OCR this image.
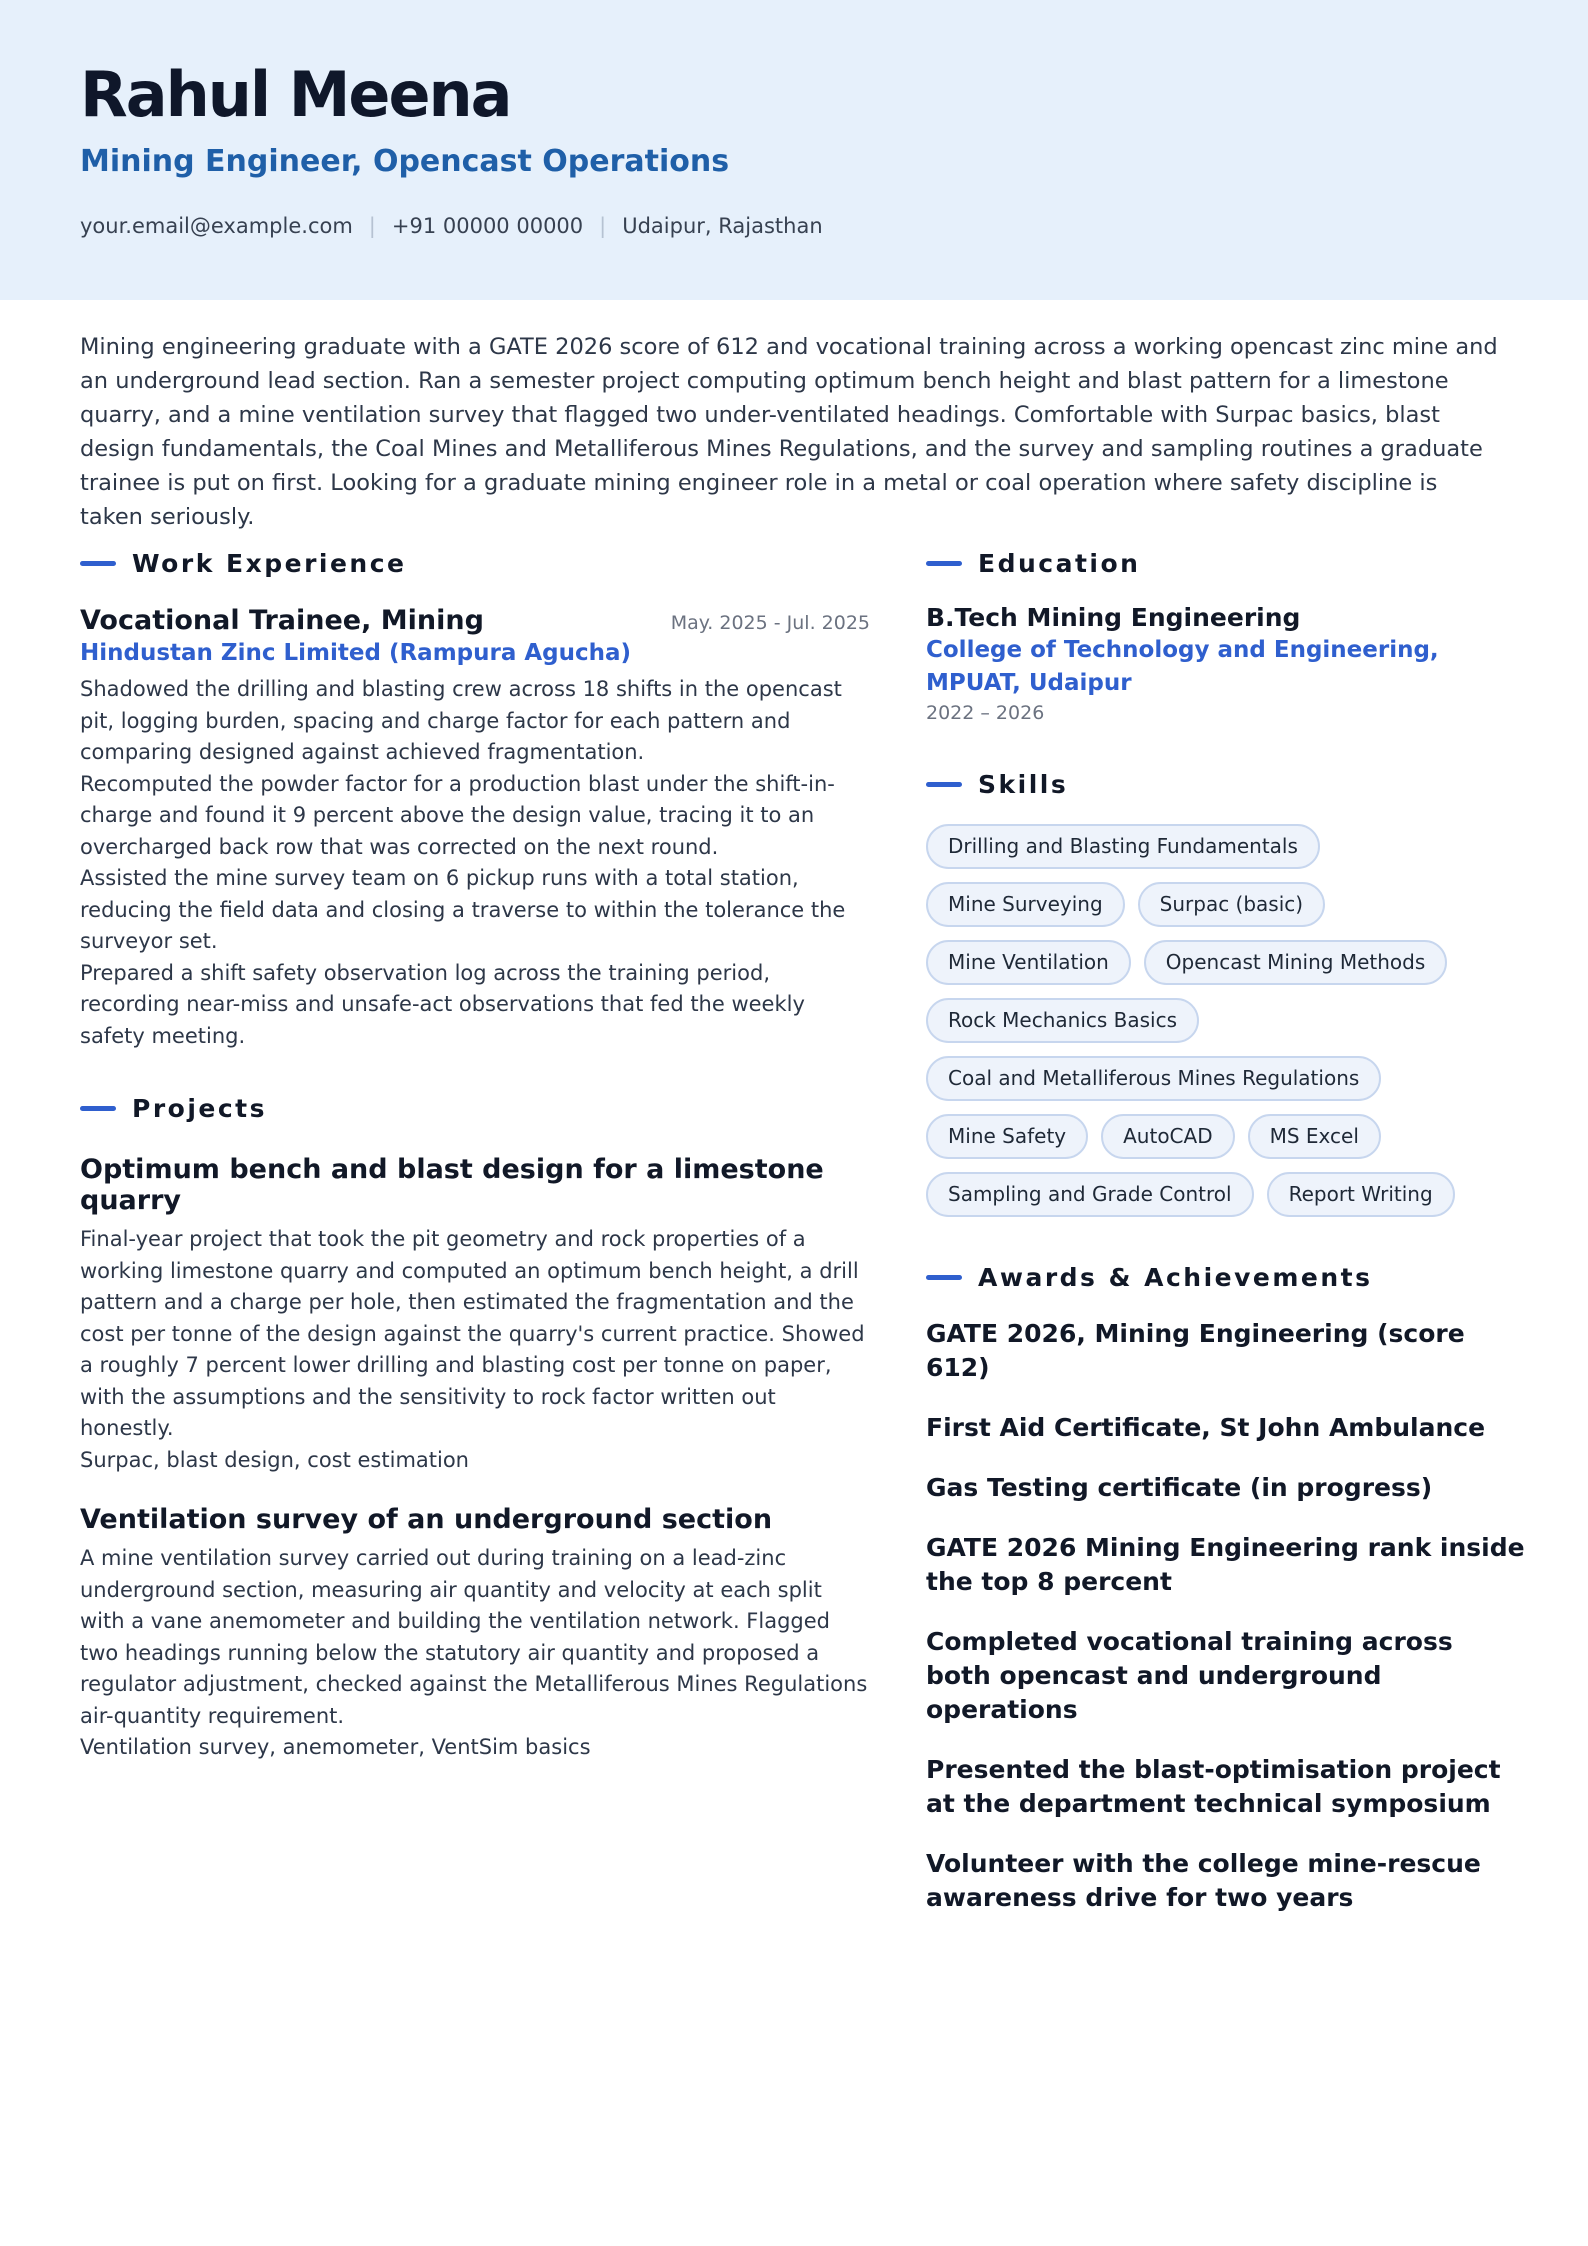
Rahul Meena
Mining Engineer, Opencast Operations
your.email@example.com | +91 00000 00000 | Udaipur, Rajasthan
Mining engineering graduate with a GATE 2026 score of 612 and vocational training across a working opencast zinc mine and an underground lead section. Ran a semester project computing optimum bench height and blast pattern for a limestone quarry, and a mine ventilation survey that flagged two under-ventilated headings. Comfortable with Surpac basics, blast design fundamentals, the Coal Mines and Metalliferous Mines Regulations, and the survey and sampling routines a graduate trainee is put on first. Looking for a graduate mining engineer role in a metal or coal operation where safety discipline is taken seriously.
Work Experience
Vocational Trainee, Mining	May. 2025 - Jul. 2025
Hindustan Zinc Limited (Rampura Agucha)
Shadowed the drilling and blasting crew across 18 shifts in the opencast pit, logging burden, spacing and charge factor for each pattern and comparing designed against achieved fragmentation.
Recomputed the powder factor for a production blast under the shift-in-charge and found it 9 percent above the design value, tracing it to an overcharged back row that was corrected on the next round.
Assisted the mine survey team on 6 pickup runs with a total station, reducing the field data and closing a traverse to within the tolerance the surveyor set.
Prepared a shift safety observation log across the training period, recording near-miss and unsafe-act observations that fed the weekly safety meeting.
Projects
Optimum bench and blast design for a limestone quarry
Final-year project that took the pit geometry and rock properties of a working limestone quarry and computed an optimum bench height, a drill pattern and a charge per hole, then estimated the fragmentation and the cost per tonne of the design against the quarry's current practice. Showed a roughly 7 percent lower drilling and blasting cost per tonne on paper, with the assumptions and the sensitivity to rock factor written out honestly.
Surpac, blast design, cost estimation
Ventilation survey of an underground section
A mine ventilation survey carried out during training on a lead-zinc underground section, measuring air quantity and velocity at each split with a vane anemometer and building the ventilation network. Flagged two headings running below the statutory air quantity and proposed a regulator adjustment, checked against the Metalliferous Mines Regulations air-quantity requirement.
Ventilation survey, anemometer, VentSim basics
Education
B.Tech Mining Engineering
College of Technology and Engineering, MPUAT, Udaipur
2022 – 2026
Skills
Drilling and Blasting Fundamentals
Mine Surveying	Surpac (basic)
Mine Ventilation	Opencast Mining Methods
Rock Mechanics Basics
Coal and Metalliferous Mines Regulations
Mine Safety	AutoCAD	MS Excel
Sampling and Grade Control	Report Writing
Awards & Achievements
GATE 2026, Mining Engineering (score 612)
First Aid Certificate, St John Ambulance
Gas Testing certificate (in progress)
GATE 2026 Mining Engineering rank inside the top 8 percent
Completed vocational training across both opencast and underground operations
Presented the blast-optimisation project at the department technical symposium
Volunteer with the college mine-rescue awareness drive for two years
